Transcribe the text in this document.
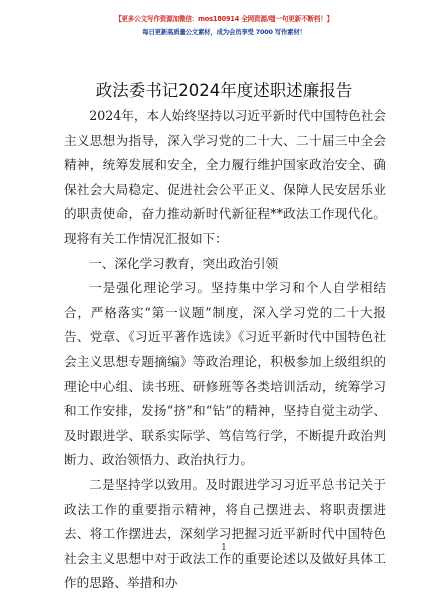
【更多公文写作资源加微信：mos180914 全网资源/嗤一句更新不断档！】
每日更新高质量公文素材，成为会员享受 7000 写作素材！
政法委书记2024年度述职述廉报告

2024年，本人始终坚持以习近平新时代中国特色社会主义思想为指导，深入学习党的二十大、二十届三中全会精神，统筹发展和安全，全力履行维护国家政治安全、确保社会大局稳定、促进社会公平正义、保障人民安居乐业的职责使命，奋力推动新时代新征程**政法工作现代化。现将有关工作情况汇报如下：

一、深化学习教育，突出政治引领

一是强化理论学习。坚持集中学习和个人自学相结合，严格落实“第一议题”制度，深入学习党的二十大报告、党章、《习近平著作选读》《习近平新时代中国特色社会主义思想专题摘编》等政治理论，积极参加上级组织的理论中心组、读书班、研修班等各类培训活动，统筹学习和工作安排，发扬“挤”和“钻”的精神，坚持自觉主动学、及时跟进学、联系实际学、笃信笃行学，不断提升政治判断力、政治领悟力、政治执行力。

二是坚持学以致用。及时跟进学习习近平总书记关于政法工作的重要指示精神，将自己摆进去、将职责摆进去、将工作摆进去，深刻学习把握习近平新时代中国特色社会主义思想中对于政法工作的重要论述以及做好具体工作的思路、举措和办

1
